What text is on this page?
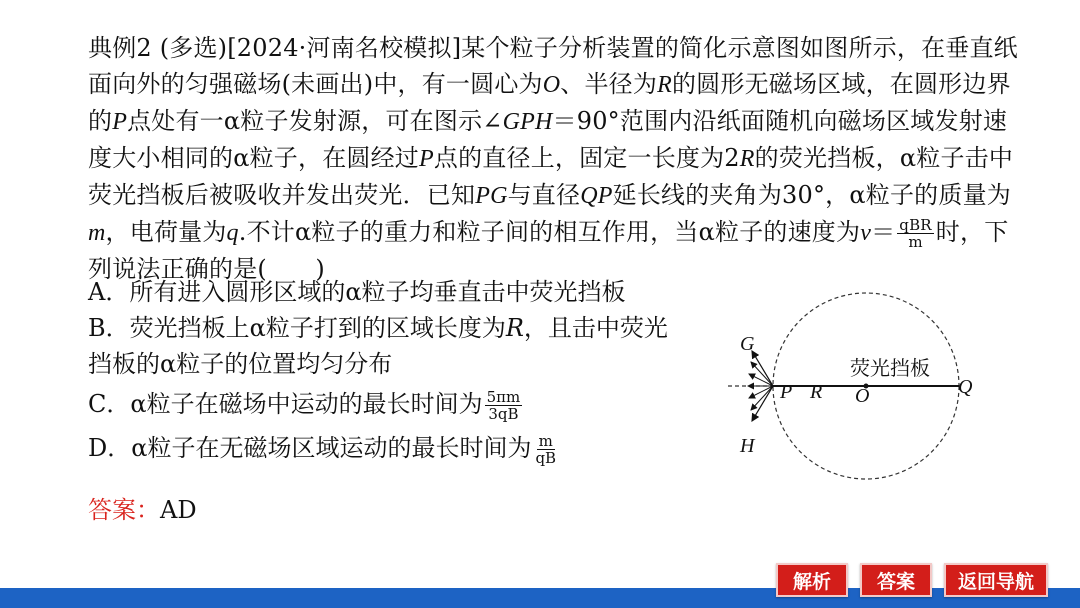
典例2 (多选)[2024·河南名校模拟]某个粒子分析装置的简化示意图如图所示，在垂直纸面向外的匀强磁场(未画出)中，有一圆心为O、半径为R的圆形无磁场区域，在圆形边界的P点处有一α粒子发射源，可在图示∠GPH＝90°范围内沿纸面随机向磁场区域发射速度大小相同的α粒子，在圆经过P点的直径上，固定一长度为2R的荧光挡板，α粒子击中荧光挡板后被吸收并发出荧光．已知PG与直径QP延长线的夹角为30°，α粒子的质量为m，电荷量为q.不计α粒子的重力和粒子间的相互作用，当α粒子的速度为$v= \frac{\text{qBR}}{m}$ 时，下列说法正确的是(　　)
A．所有进入圆形区域的α粒子均垂直击中荧光挡板
B．荧光挡板上α粒子打到的区域长度为R，且击中荧光挡板的α粒子的位置均匀分布
C．α粒子在磁场中运动的最长时间为 $\frac{5\pi m}{3qB}$
D．α粒子在无磁场区域运动的最长时间为 $\frac{m}{qB}$
G
H
P R O	Q
荧光挡板
答案：AD
解析	答案	返回导航
